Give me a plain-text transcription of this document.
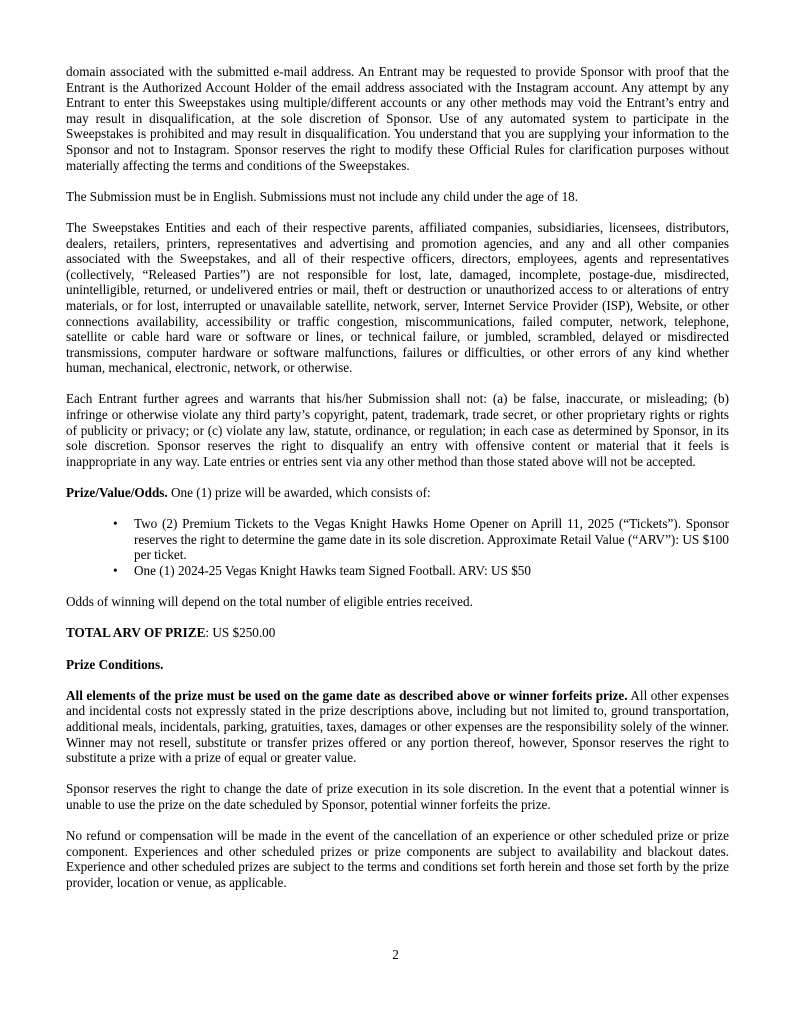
domain associated with the submitted e-mail address. An Entrant may be requested to provide Sponsor with proof that the Entrant is the Authorized Account Holder of the email address associated with the Instagram account. Any attempt by any Entrant to enter this Sweepstakes using multiple/different accounts or any other methods may void the Entrant’s entry and may result in disqualification, at the sole discretion of Sponsor. Use of any automated system to participate in the Sweepstakes is prohibited and may result in disqualification. You understand that you are supplying your information to the Sponsor and not to Instagram. Sponsor reserves the right to modify these Official Rules for clarification purposes without materially affecting the terms and conditions of the Sweepstakes.

The Submission must be in English. Submissions must not include any child under the age of 18.

The Sweepstakes Entities and each of their respective parents, affiliated companies, subsidiaries, licensees, distributors, dealers, retailers, printers, representatives and advertising and promotion agencies, and any and all other companies associated with the Sweepstakes, and all of their respective officers, directors, employees, agents and representatives (collectively, “Released Parties”) are not responsible for lost, late, damaged, incomplete, postage-due, misdirected, unintelligible, returned, or undelivered entries or mail, theft or destruction or unauthorized access to or alterations of entry materials, or for lost, interrupted or unavailable satellite, network, server, Internet Service Provider (ISP), Website, or other connections availability, accessibility or traffic congestion, miscommunications, failed computer, network, telephone, satellite or cable hard ware or software or lines, or technical failure, or jumbled, scrambled, delayed or misdirected transmissions, computer hardware or software malfunctions, failures or difficulties, or other errors of any kind whether human, mechanical, electronic, network, or otherwise.

Each Entrant further agrees and warrants that his/her Submission shall not: (a) be false, inaccurate, or misleading; (b) infringe or otherwise violate any third party’s copyright, patent, trademark, trade secret, or other proprietary rights or rights of publicity or privacy; or (c) violate any law, statute, ordinance, or regulation; in each case as determined by Sponsor, in its sole discretion. Sponsor reserves the right to disqualify an entry with offensive content or material that it feels is inappropriate in any way. Late entries or entries sent via any other method than those stated above will not be accepted.

Prize/Value/Odds. One (1) prize will be awarded, which consists of:

• Two (2) Premium Tickets to the Vegas Knight Hawks Home Opener on Aprill 11, 2025 (“Tickets”). Sponsor reserves the right to determine the game date in its sole discretion. Approximate Retail Value (“ARV”): US $100 per ticket.
• One (1) 2024-25 Vegas Knight Hawks team Signed Football. ARV: US $50

Odds of winning will depend on the total number of eligible entries received.

TOTAL ARV OF PRIZE: US $250.00

Prize Conditions.

All elements of the prize must be used on the game date as described above or winner forfeits prize. All other expenses and incidental costs not expressly stated in the prize descriptions above, including but not limited to, ground transportation, additional meals, incidentals, parking, gratuities, taxes, damages or other expenses are the responsibility solely of the winner. Winner may not resell, substitute or transfer prizes offered or any portion thereof, however, Sponsor reserves the right to substitute a prize with a prize of equal or greater value.

Sponsor reserves the right to change the date of prize execution in its sole discretion. In the event that a potential winner is unable to use the prize on the date scheduled by Sponsor, potential winner forfeits the prize.

No refund or compensation will be made in the event of the cancellation of an experience or other scheduled prize or prize component. Experiences and other scheduled prizes or prize components are subject to availability and blackout dates. Experience and other scheduled prizes are subject to the terms and conditions set forth herein and those set forth by the prize provider, location or venue, as applicable.

2
